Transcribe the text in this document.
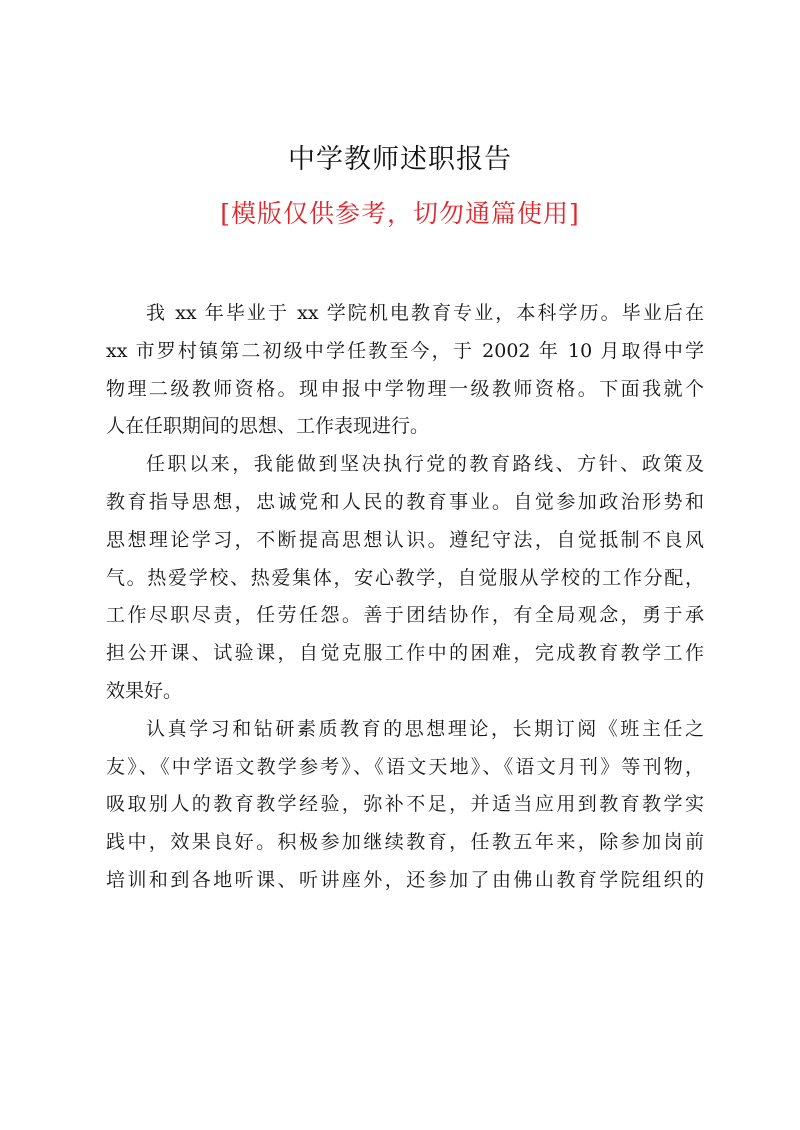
中学教师述职报告
[模版仅供参考，切勿通篇使用]
我 xx 年毕业于 xx 学院机电教育专业，本科学历。毕业后在
xx 市罗村镇第二初级中学任教至今，于 2002 年 10 月取得中学
物理二级教师资格。现申报中学物理一级教师资格。下面我就个
人在任职期间的思想、工作表现进行。
任职以来，我能做到坚决执行党的教育路线、方针、政策及
教育指导思想，忠诚党和人民的教育事业。自觉参加政治形势和
思想理论学习，不断提高思想认识。遵纪守法，自觉抵制不良风
气。热爱学校、热爱集体，安心教学，自觉服从学校的工作分配，
工作尽职尽责，任劳任怨。善于团结协作，有全局观念，勇于承
担公开课、试验课，自觉克服工作中的困难，完成教育教学工作
效果好。
认真学习和钻研素质教育的思想理论，长期订阅《班主任之
友》、《中学语文教学参考》、《语文天地》、《语文月刊》等刊物，
吸取别人的教育教学经验，弥补不足，并适当应用到教育教学实
践中，效果良好。积极参加继续教育，任教五年来，除参加岗前
培训和到各地听课、听讲座外，还参加了由佛山教育学院组织的
